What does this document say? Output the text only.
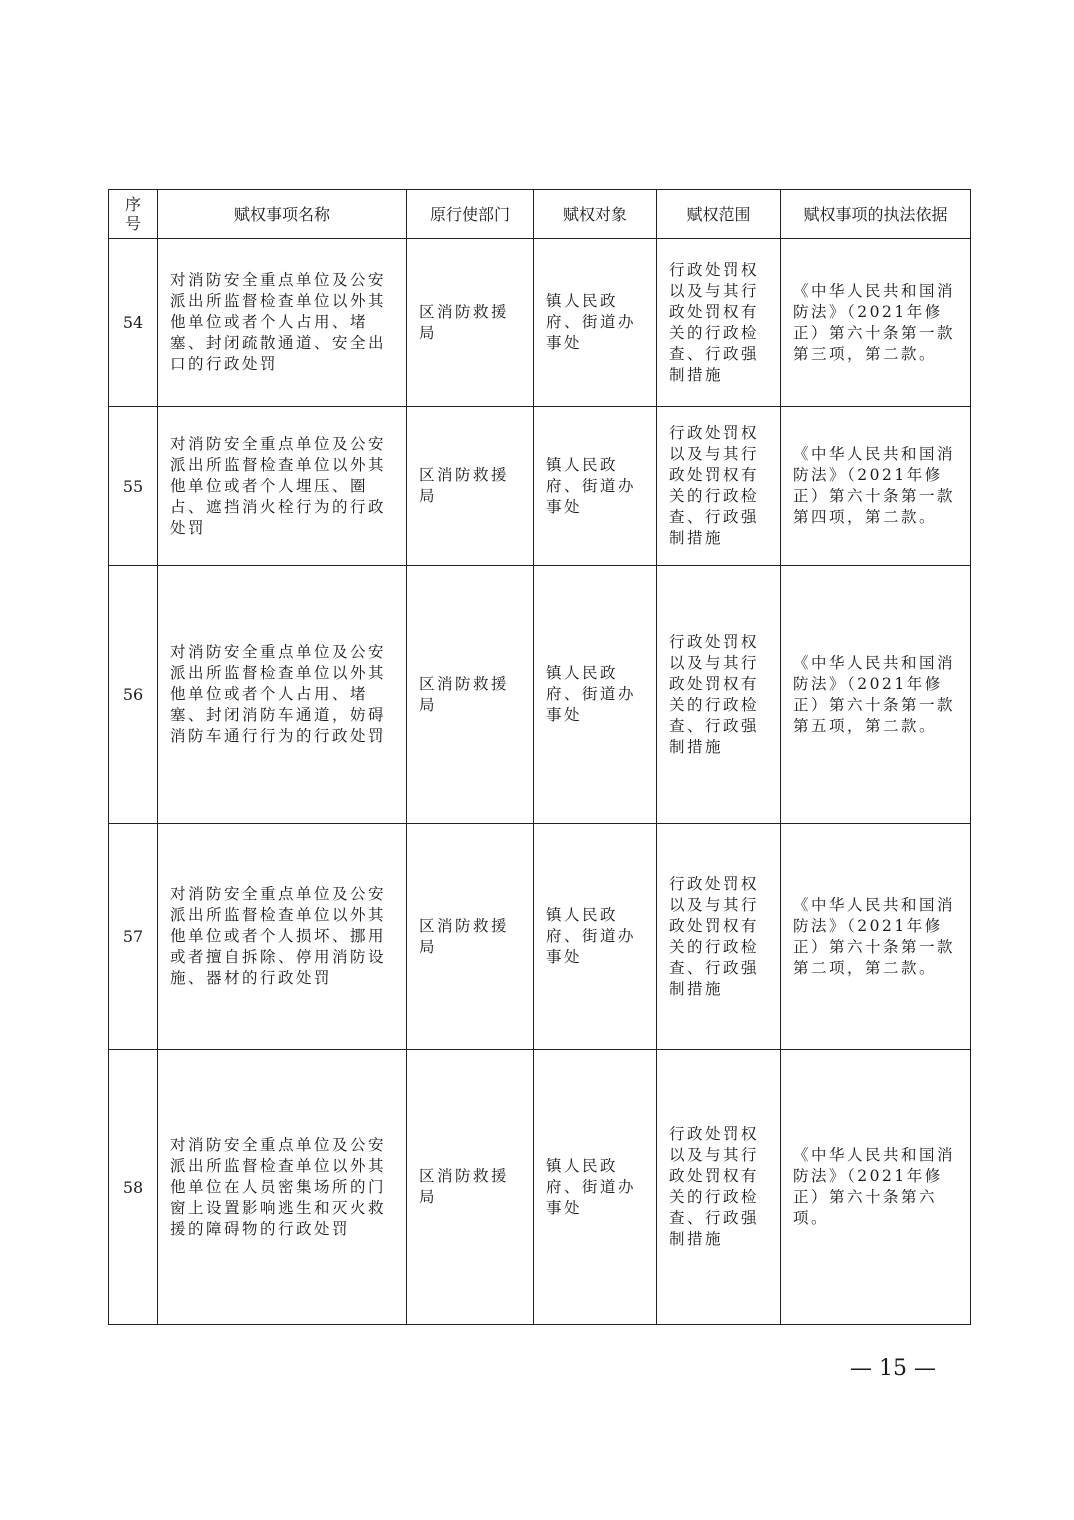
序号	赋权事项名称	原行使部门	赋权对象	赋权范围	赋权事项的执法依据

54	对消防安全重点单位及公安派出所监督检查单位以外其他单位或者个人占用、堵塞、封闭疏散通道、安全出口的行政处罚	区消防救援局	镇人民政府、街道办事处	行政处罚权以及与其行政处罚权有关的行政检查、行政强制措施	《中华人民共和国消防法》（2021年修正）第六十条第一款第三项，第二款。

55	对消防安全重点单位及公安派出所监督检查单位以外其他单位或者个人埋压、圈占、遮挡消火栓行为的行政处罚	区消防救援局	镇人民政府、街道办事处	行政处罚权以及与其行政处罚权有关的行政检查、行政强制措施	《中华人民共和国消防法》（2021年修正）第六十条第一款第四项，第二款。

56	对消防安全重点单位及公安派出所监督检查单位以外其他单位或者个人占用、堵塞、封闭消防车通道，妨碍消防车通行行为的行政处罚	区消防救援局	镇人民政府、街道办事处	行政处罚权以及与其行政处罚权有关的行政检查、行政强制措施	《中华人民共和国消防法》（2021年修正）第六十条第一款第五项，第二款。

57	对消防安全重点单位及公安派出所监督检查单位以外其他单位或者个人损坏、挪用或者擅自拆除、停用消防设施、器材的行政处罚	区消防救援局	镇人民政府、街道办事处	行政处罚权以及与其行政处罚权有关的行政检查、行政强制措施	《中华人民共和国消防法》（2021年修正）第六十条第一款第二项，第二款。

58	对消防安全重点单位及公安派出所监督检查单位以外其他单位在人员密集场所的门窗上设置影响逃生和灭火救援的障碍物的行政处罚	区消防救援局	镇人民政府、街道办事处	行政处罚权以及与其行政处罚权有关的行政检查、行政强制措施	《中华人民共和国消防法》（2021年修正）第六十条第六项。
— 15 —
